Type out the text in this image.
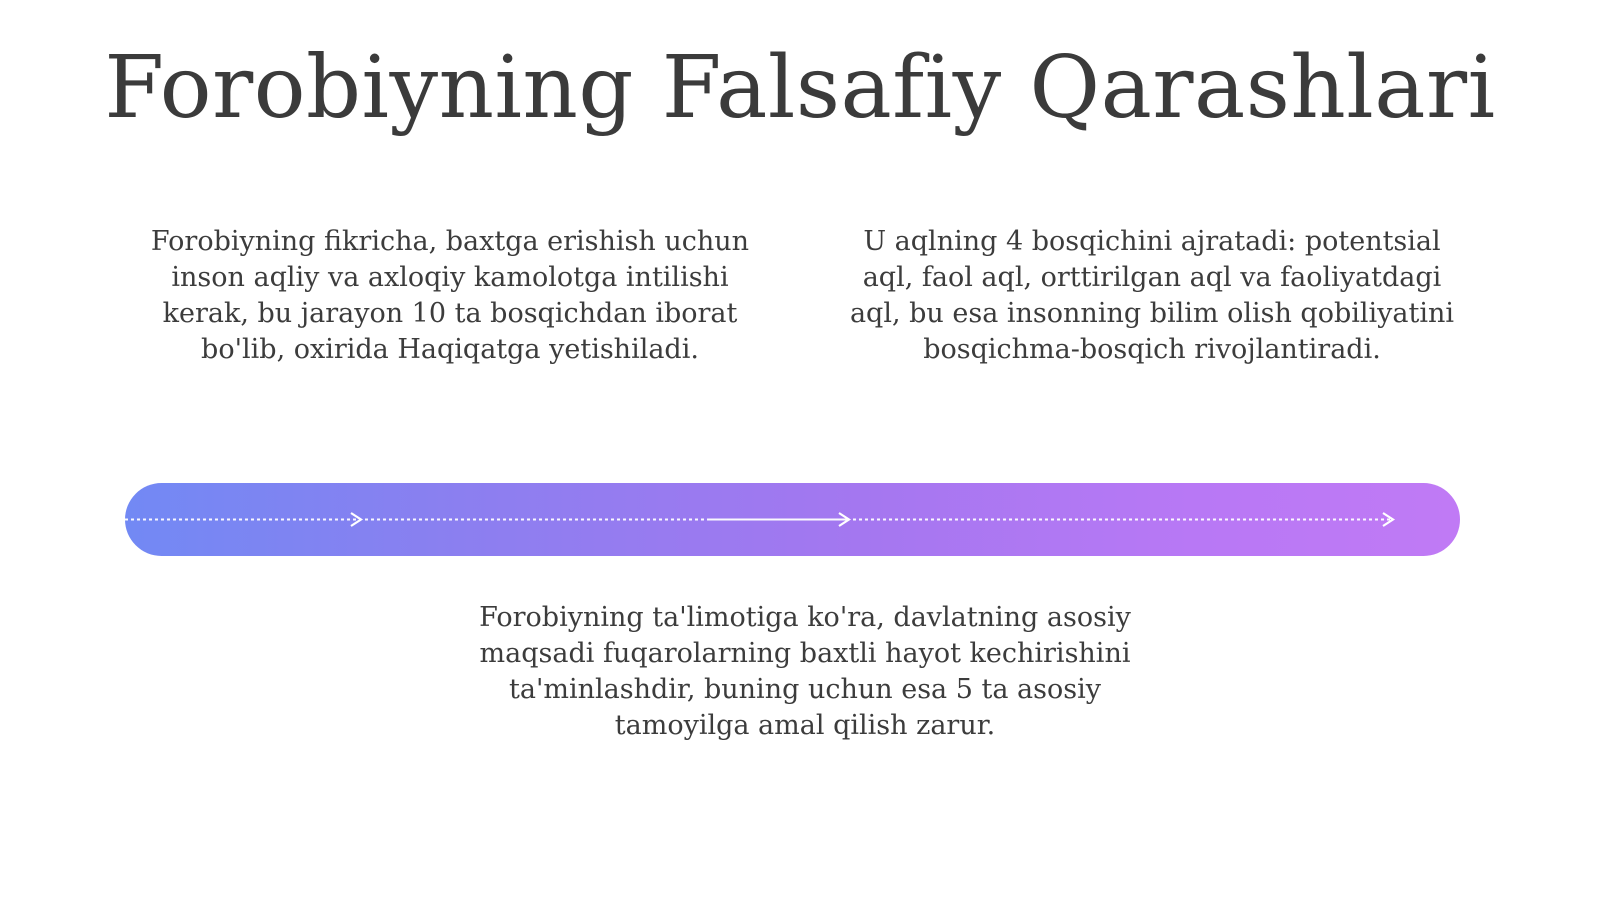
Forobiyning Falsafiy Qarashlari
Forobiyning fikricha, baxtga erishish uchun inson aqliy va axloqiy kamolotga intilishi kerak, bu jarayon 10 ta bosqichdan iborat bo'lib, oxirida Haqiqatga yetishiladi.
U aqlning 4 bosqichini ajratadi: potentsial aql, faol aql, orttirilgan aql va faoliyatdagi aql, bu esa insonning bilim olish qobiliyatini bosqichma-bosqich rivojlantiradi.
Forobiyning ta'limotiga ko'ra, davlatning asosiy maqsadi fuqarolarning baxtli hayot kechirishini ta'minlashdir, buning uchun esa 5 ta asosiy tamoyilga amal qilish zarur.
